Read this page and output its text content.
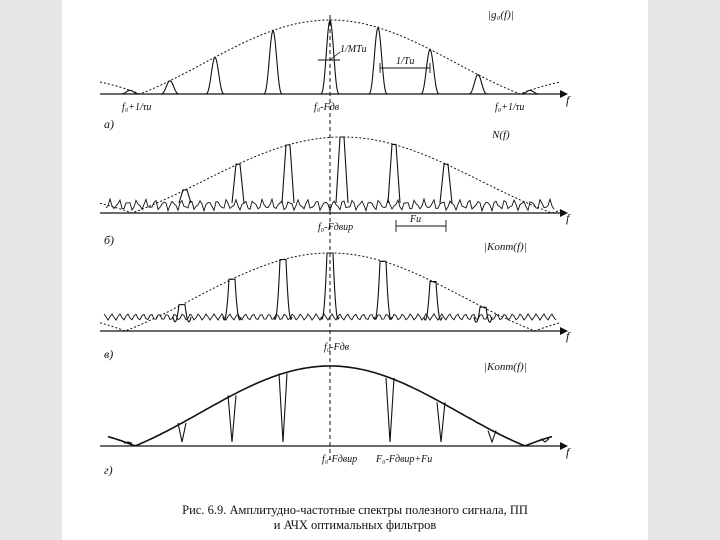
f
|g₀(f)|
а)
f₀+1/τи	f₀-Fдв	f₀+1/τи
1/MTи
1/Tи
f
N(f)
б)
f₀-Fдвир
Fи
f
|Kопт(f)|
в)	f₀-Fдв
f
|Kопт(f)|
г)
f₀-Fдвир F₀-Fдвир+Fи
Рис. 6.9. Амплитудно-частотные спектры полезного сигнала, ПП
и АЧХ оптимальных фильтров
